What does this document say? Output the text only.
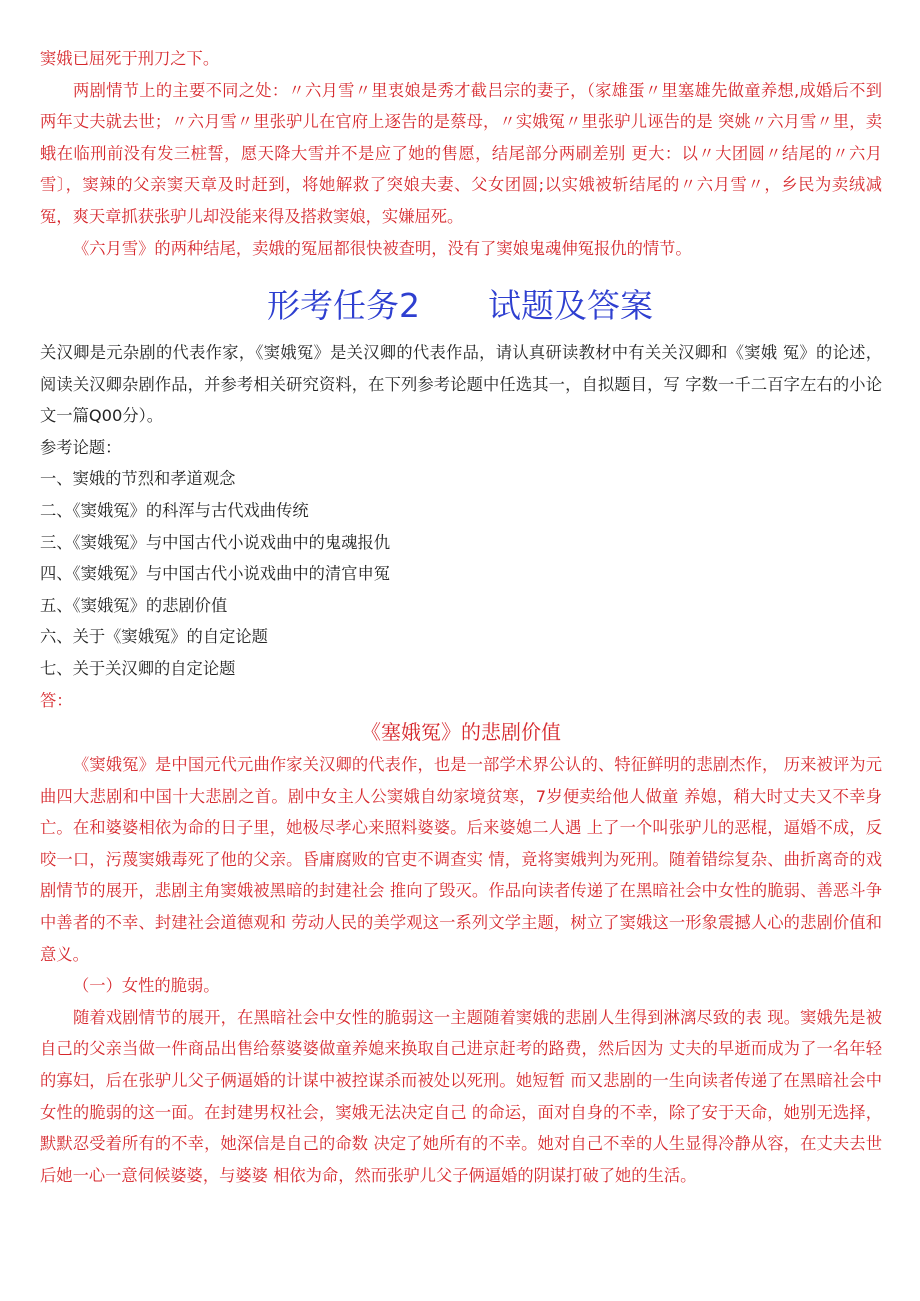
窦娥已屈死于刑刀之下。

两剧情节上的主要不同之处：〃六月雪〃里衷娘是秀才截吕宗的妻子，（家雄蛋〃里塞雄先做童养想,成婚后不到两年丈夫就去世；〃六月雪〃里张驴儿在官府上逐告的是蔡母，〃实娥冤〃里张驴儿诬告的是 突姚〃六月雪〃里，卖蛾在临刑前没有发三桩誓，愿天降大雪并不是应了她的售愿，结尾部分两刷差别 更大：以〃大团圆〃结尾的〃六月雪〕，窦辣的父亲窦天章及时赶到，将她解救了突娘夫妻、父女团圆;以实娥被斩结尾的〃六月雪〃，乡民为卖绒减冤，爽天章抓获张驴儿却没能来得及搭救窦娘，实嫌屈死。

《六月雪》的两种结尾，卖娥的冤屈都很快被查明，没有了窦娘鬼魂伸冤报仇的情节。

形考任务2 试题及答案

关汉卿是元杂剧的代表作家，《窦娥冤》是关汉卿的代表作品，请认真研读教材中有关关汉卿和《窦娥 冤》的论述，阅读关汉卿杂剧作品，并参考相关研究资料，在下列参考论题中任选其一，自拟题目，写 字数一千二百字左右的小论文一篇Q00分）。

参考论题：

一、窦娥的节烈和孝道观念

二、《窦娥冤》的科浑与古代戏曲传统

三、《窦娥冤》与中国古代小说戏曲中的鬼魂报仇

四、《窦娥冤》与中国古代小说戏曲中的清官申冤

五、《窦娥冤》的悲剧价值

六、关于《窦娥冤》的自定论题

七、关于关汉卿的自定论题

答：

《塞娥冤》的悲剧价值

《窦娥冤》是中国元代元曲作家关汉卿的代表作，也是一部学术界公认的、特征鲜明的悲剧杰作， 历来被评为元曲四大悲剧和中国十大悲剧之首。剧中女主人公窦娥自幼家境贫寒，7岁便卖给他人做童 养媳，稍大时丈夫又不幸身亡。在和婆婆相依为命的日子里，她极尽孝心来照料婆婆。后来婆媳二人遇 上了一个叫张驴儿的恶棍，逼婚不成，反咬一口，污蔑窦娥毒死了他的父亲。昏庸腐败的官吏不调查实 情，竟将窦娥判为死刑。随着错综复杂、曲折离奇的戏剧情节的展开，悲剧主角窦娥被黑暗的封建社会 推向了毁灭。作品向读者传递了在黑暗社会中女性的脆弱、善恶斗争中善者的不幸、封建社会道德观和 劳动人民的美学观这一系列文学主题，树立了窦娥这一形象震撼人心的悲剧价值和意义。

（一）女性的脆弱。

随着戏剧情节的展开，在黑暗社会中女性的脆弱这一主题随着窦娥的悲剧人生得到淋漓尽致的表 现。窦娥先是被自己的父亲当做一件商品出售给蔡婆婆做童养媳来换取自己进京赶考的路费，然后因为 丈夫的早逝而成为了一名年轻的寡妇，后在张驴儿父子俩逼婚的计谋中被控谋杀而被处以死刑。她短暂 而又悲剧的一生向读者传递了在黑暗社会中女性的脆弱的这一面。在封建男权社会，窦娥无法决定自己 的命运，面对自身的不幸，除了安于天命，她别无选择，默默忍受着所有的不幸，她深信是自己的命数 决定了她所有的不幸。她对自己不幸的人生显得冷静从容，在丈夫去世后她一心一意伺候婆婆，与婆婆 相依为命，然而张驴儿父子俩逼婚的阴谋打破了她的生活。
